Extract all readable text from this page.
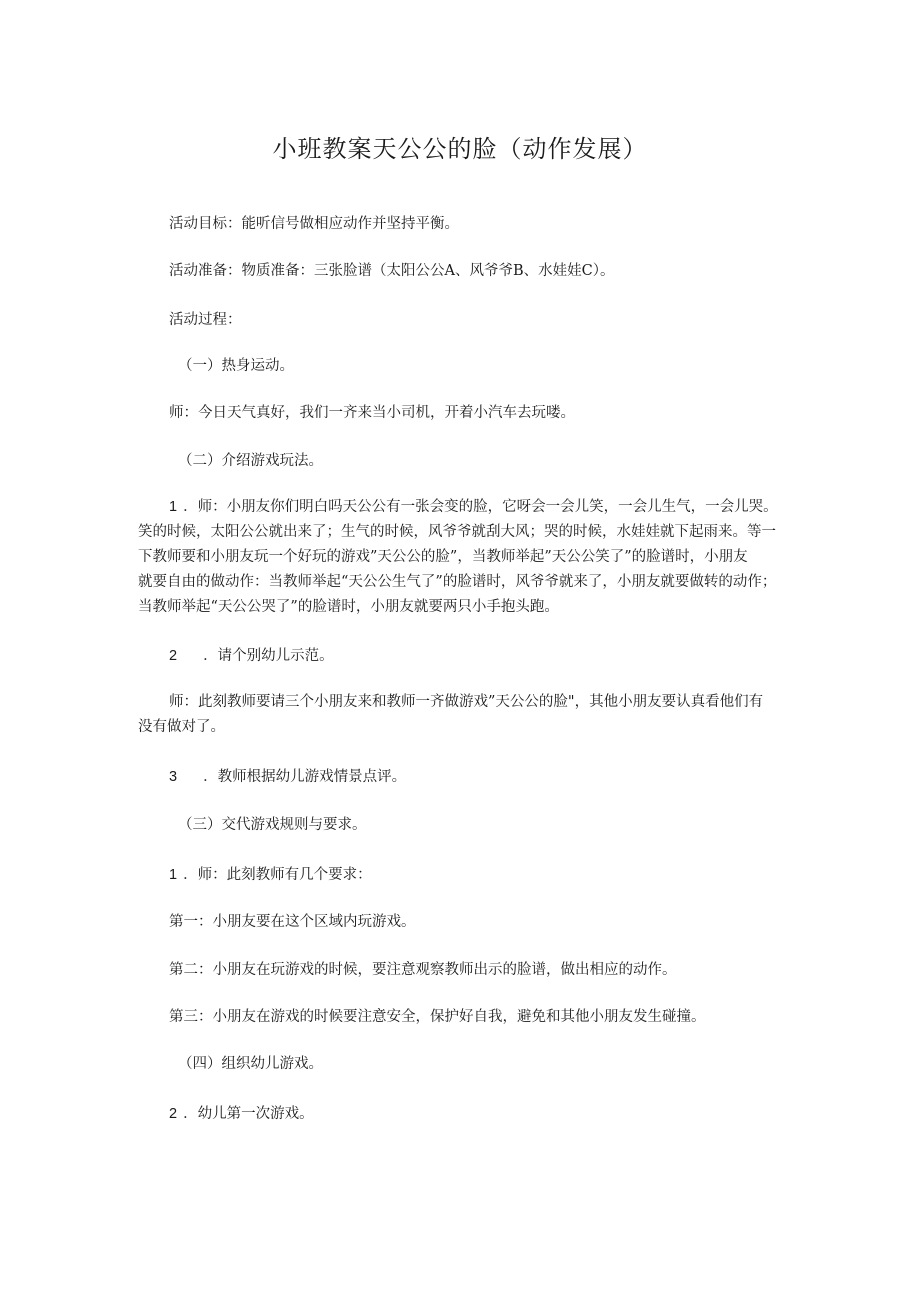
小班教案天公公的脸（动作发展）

活动目标：能听信号做相应动作并坚持平衡。

活动准备：物质准备：三张脸谱（太阳公公A、风爷爷B、水娃娃C）。

活动过程：

（一）热身运动。

师：今日天气真好，我们一齐来当小司机，开着小汽车去玩喽。

（二）介绍游戏玩法。

1 ．师：小朋友你们明白吗天公公有一张会变的脸，它呀会一会儿笑，一会儿生气，一会儿哭。

笑的时候，太阳公公就出来了；生气的时候，风爷爷就刮大风；哭的时候，水娃娃就下起雨来。等一

下教师要和小朋友玩一个好玩的游戏”天公公的脸”，当教师举起”天公公笑了”的脸谱时，小朋友

就要自由的做动作：当教师举起“天公公生气了”的脸谱时，风爷爷就来了，小朋友就要做转的动作；

当教师举起“天公公哭了”的脸谱时，小朋友就要两只小手抱头跑。

2 ．请个别幼儿示范。

师：此刻教师要请三个小朋友来和教师一齐做游戏”天公公的脸"，其他小朋友要认真看他们有

没有做对了。

3 ．教师根据幼儿游戏情景点评。

（三）交代游戏规则与要求。

1 ．师：此刻教师有几个要求：

第一：小朋友要在这个区域内玩游戏。

第二：小朋友在玩游戏的时候，要注意观察教师出示的脸谱，做出相应的动作。

第三：小朋友在游戏的时候要注意安全，保护好自我，避免和其他小朋友发生碰撞。

（四）组织幼儿游戏。

2 ．幼儿第一次游戏。
